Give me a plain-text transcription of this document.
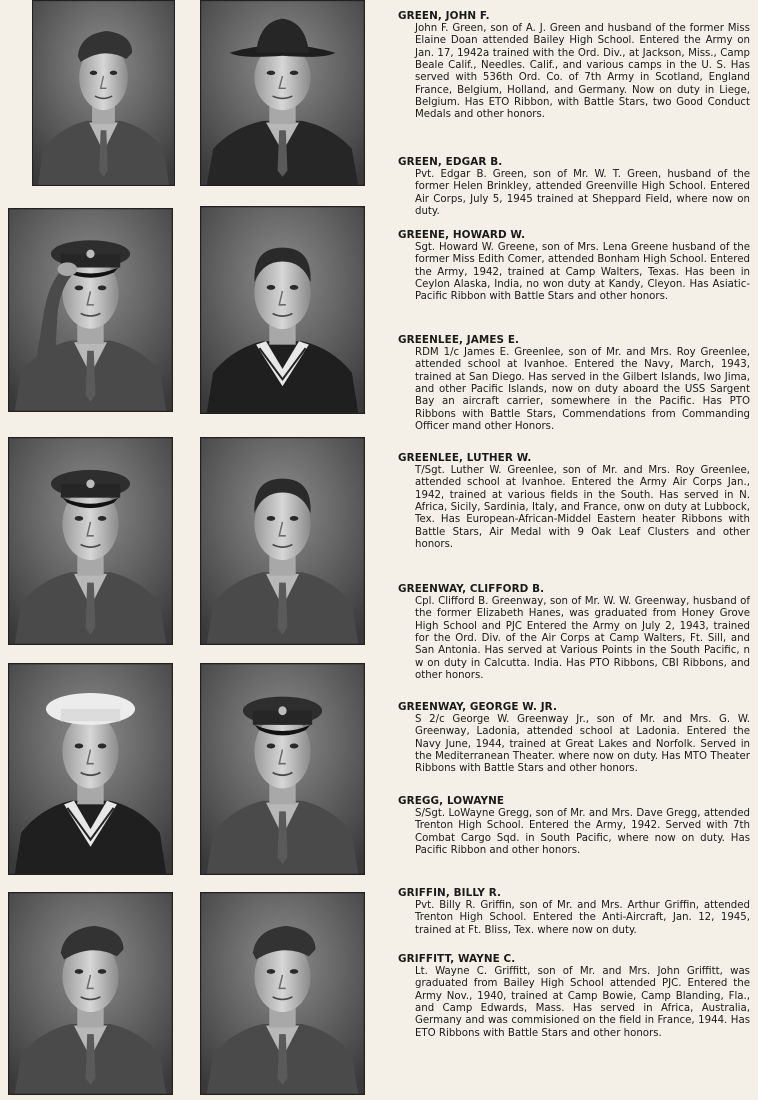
GREEN, JOHN F.

John F. Green, son of A. J. Green and husband of the former Miss Elaine Doan attended Bailey High School. Entered the Army on Jan. 17, 1942a trained with the Ord. Div., at Jackson, Miss., Camp Beale Calif., Needles. Calif., and various camps in the U. S. Has served with 536th Ord. Co. of 7th Army in Scotland, England France, Belgium, Holland, and Germany. Now on duty in Liege, Belgium. Has ETO Ribbon, with Battle Stars, two Good Conduct Medals and other honors.

GREEN, EDGAR B.

Pvt. Edgar B. Green, son of Mr. W. T. Green, husband of the former Helen Brinkley, attended Greenville High School. Entered Air Corps, July 5, 1945 trained at Sheppard Field, where now on duty.

GREENE, HOWARD W.

Sgt. Howard W. Greene, son of Mrs. Lena Greene husband of the former Miss Edith Comer, attended Bonham High School. Entered the Army, 1942, trained at Camp Walters, Texas. Has been in Ceylon Alaska, India, no won duty at Kandy, Cleyon. Has Asiatic-Pacific Ribbon with Battle Stars and other honors.

GREENLEE, JAMES E.

RDM 1/c James E. Greenlee, son of Mr. and Mrs. Roy Greenlee, attended school at Ivanhoe. Entered the Navy, March, 1943, trained at San Diego. Has served in the Gilbert Islands, Iwo Jima, and other Pacific Islands, now on duty aboard the USS Sargent Bay an aircraft carrier, somewhere in the Pacific. Has PTO Ribbons with Battle Stars, Commendations from Commanding Officer mand other Honors.

GREENLEE, LUTHER W.

T/Sgt. Luther W. Greenlee, son of Mr. and Mrs. Roy Greenlee, attended school at Ivanhoe. Entered the Army Air Corps Jan., 1942, trained at various fields in the South. Has served in N. Africa, Sicily, Sardinia, Italy, and France, onw on duty at Lubbock, Tex. Has European-African-Middel Eastern heater Ribbons with Battle Stars, Air Medal with 9 Oak Leaf Clusters and other honors.

GREENWAY, CLIFFORD B.

Cpl. Clifford B. Greenway, son of Mr. W. W. Greenway, husband of the former Elizabeth Hanes, was graduated from Honey Grove High School and PJC Entered the Army on July 2, 1943, trained for the Ord. Div. of the Air Corps at Camp Walters, Ft. Sill, and San Antonia. Has served at Various Points in the South Pacific, n w on duty in Calcutta. India. Has PTO Ribbons, CBI Ribbons, and other honors.

GREENWAY, GEORGE W. JR.

S 2/c George W. Greenway Jr., son of Mr. and Mrs. G. W. Greenway, Ladonia, attended school at Ladonia. Entered the Navy June, 1944, trained at Great Lakes and Norfolk. Served in the Mediterranean Theater. where now on duty. Has MTO Theater Ribbons with Battle Stars and other honors.

GREGG, LOWAYNE

S/Sgt. LoWayne Gregg, son of Mr. and Mrs. Dave Gregg, attended Trenton High School. Entered the Army, 1942. Served with 7th Combat Cargo Sqd. in South Pacific, where now on duty. Has Pacific Ribbon and other honors.

GRIFFIN, BILLY R.

Pvt. Billy R. Griffin, son of Mr. and Mrs. Arthur Griffin, attended Trenton High School. Entered the Anti-Aircraft, Jan. 12, 1945, trained at Ft. Bliss, Tex. where now on duty.

GRIFFITT, WAYNE C.

Lt. Wayne C. Griffitt, son of Mr. and Mrs. John Griffitt, was graduated from Bailey High School attended PJC. Entered the Army Nov., 1940, trained at Camp Bowie, Camp Blanding, Fla., and Camp Edwards, Mass. Has served in Africa, Australia, Germany and was commisioned on the field in France, 1944. Has ETO Ribbons with Battle Stars and other honors.
